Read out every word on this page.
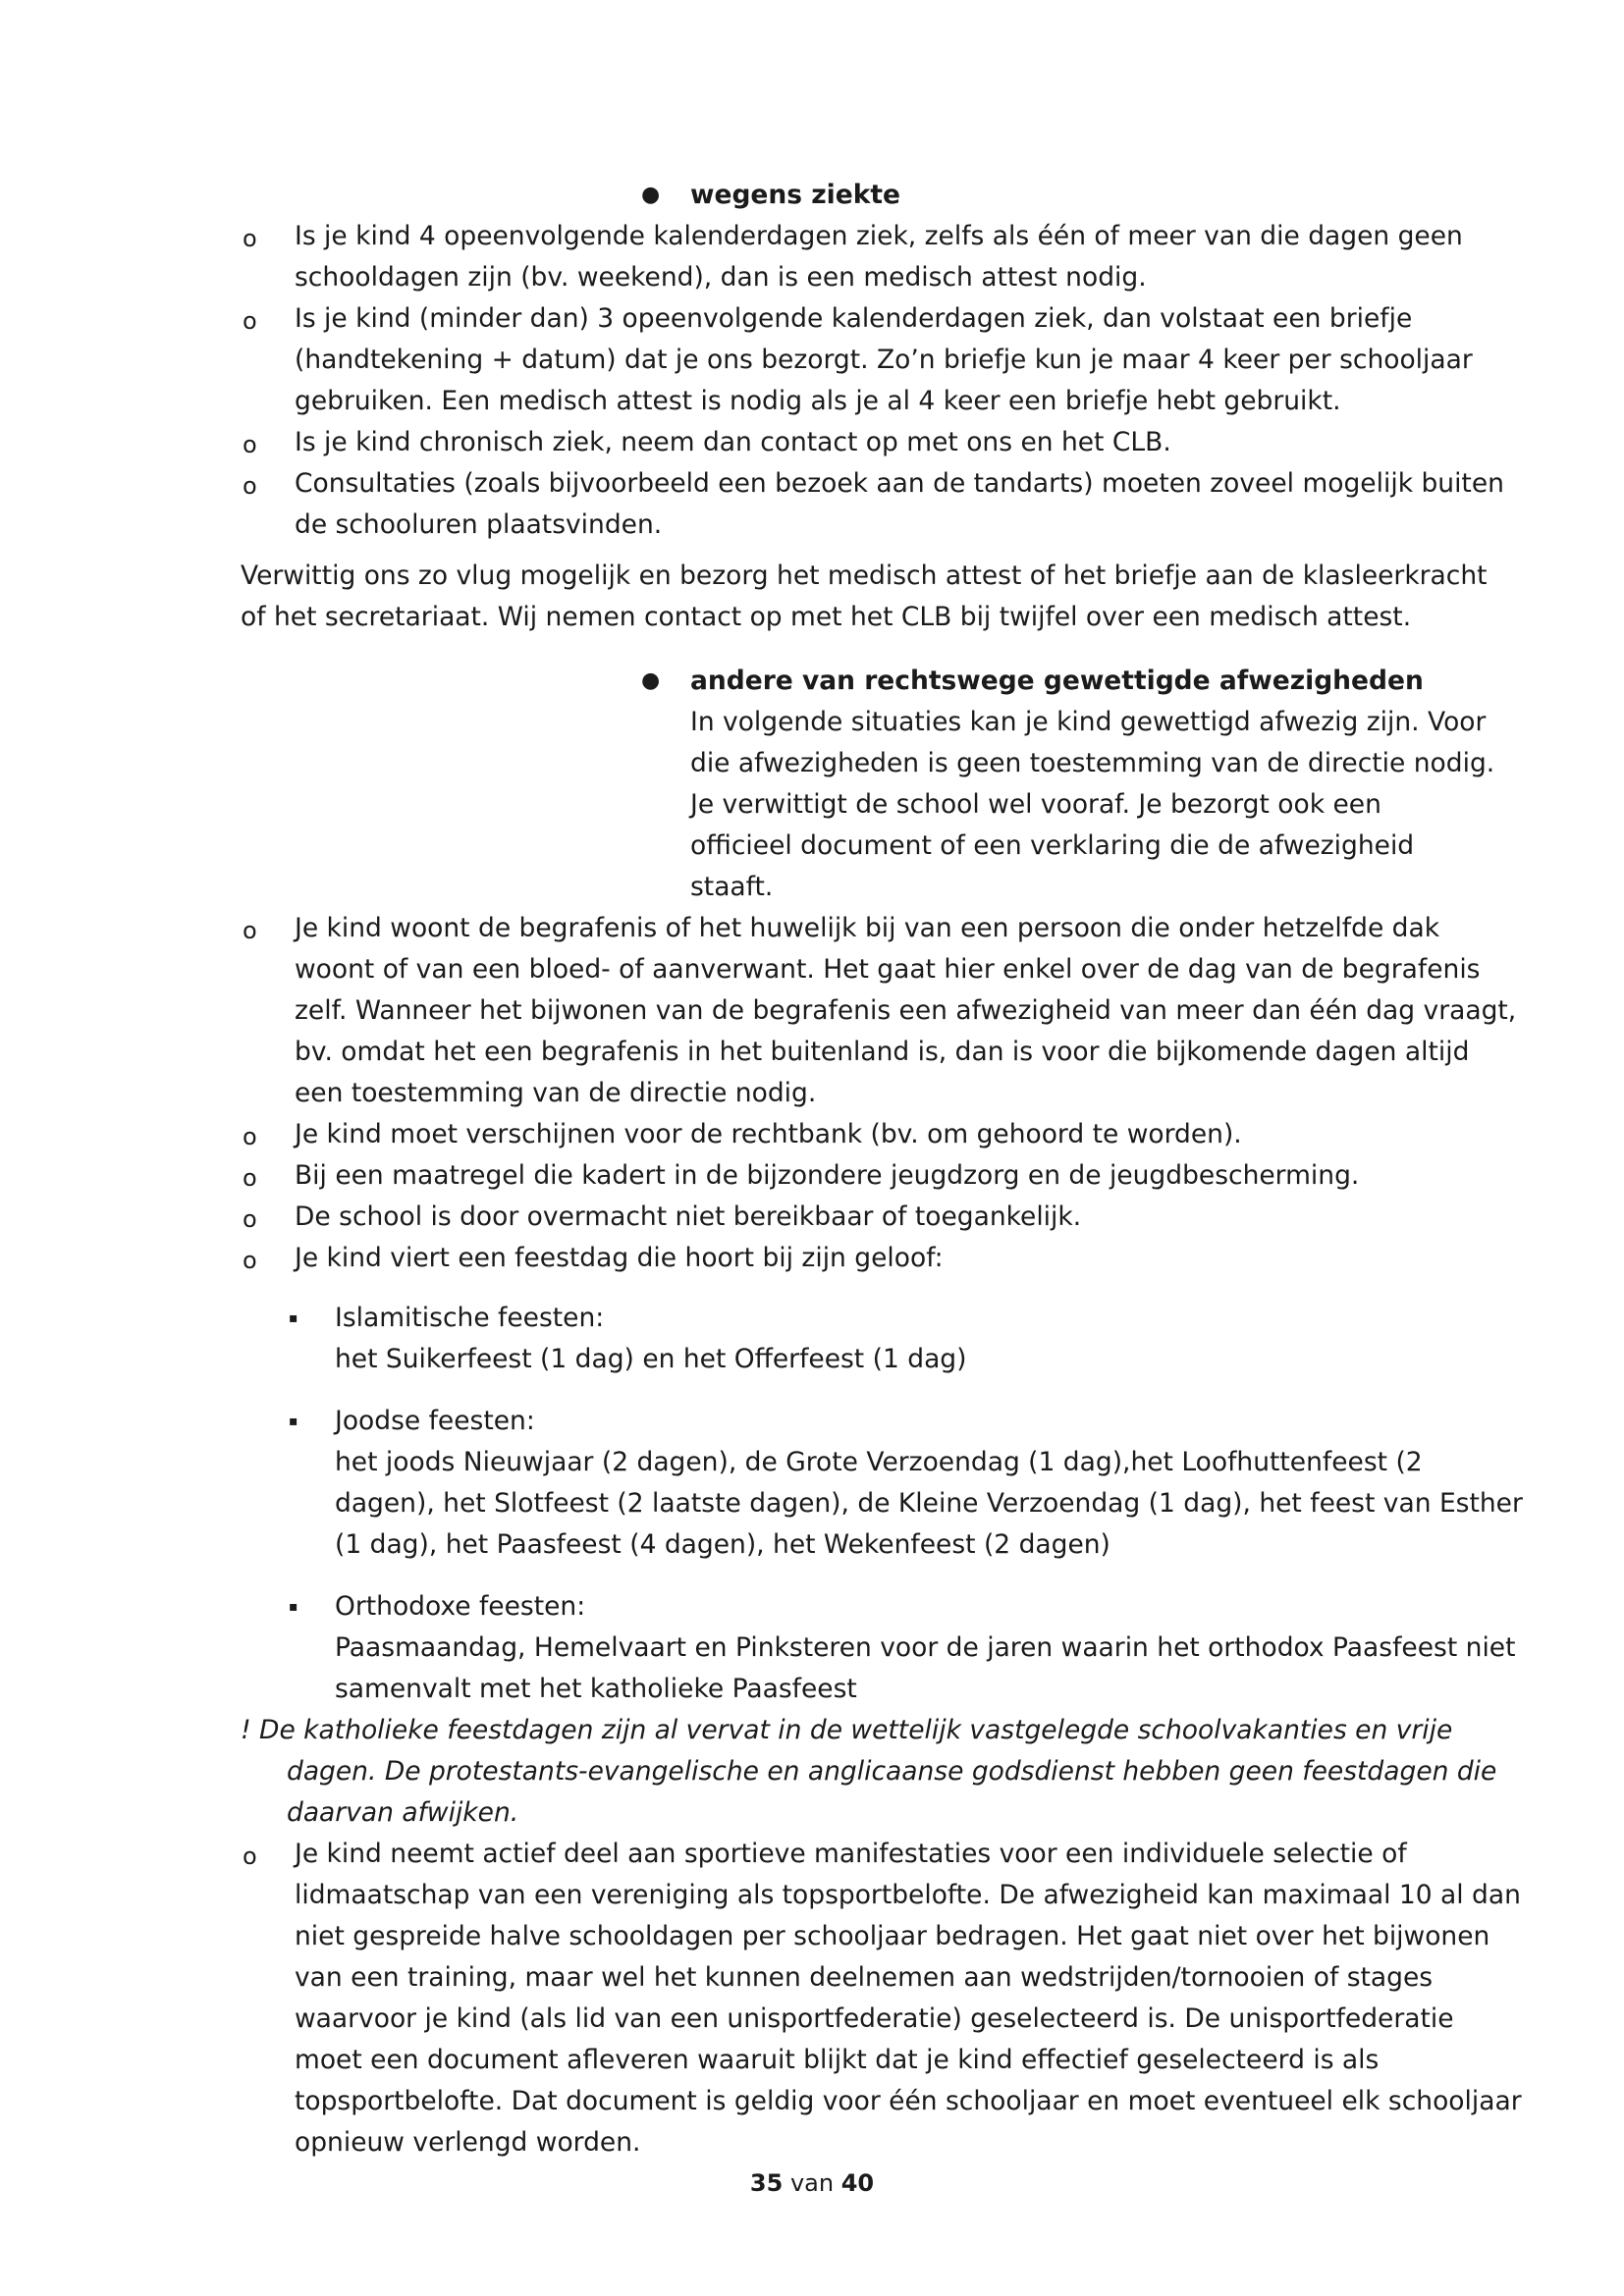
● wegens ziekte
o Is je kind 4 opeenvolgende kalenderdagen ziek, zelfs als één of meer van die dagen geen
schooldagen zijn (bv. weekend), dan is een medisch attest nodig.
o Is je kind (minder dan) 3 opeenvolgende kalenderdagen ziek, dan volstaat een briefje
(handtekening + datum) dat je ons bezorgt. Zo’n briefje kun je maar 4 keer per schooljaar
gebruiken. Een medisch attest is nodig als je al 4 keer een briefje hebt gebruikt.
o Is je kind chronisch ziek, neem dan contact op met ons en het CLB.
o Consultaties (zoals bijvoorbeeld een bezoek aan de tandarts) moeten zoveel mogelijk buiten
de schooluren plaatsvinden.
Verwittig ons zo vlug mogelijk en bezorg het medisch attest of het briefje aan de klasleerkracht
of het secretariaat. Wij nemen contact op met het CLB bij twijfel over een medisch attest.
● andere van rechtswege gewettigde afwezigheden
In volgende situaties kan je kind gewettigd afwezig zijn. Voor
die afwezigheden is geen toestemming van de directie nodig.
Je verwittigt de school wel vooraf. Je bezorgt ook een
officieel document of een verklaring die de afwezigheid
staaft.
o Je kind woont de begrafenis of het huwelijk bij van een persoon die onder hetzelfde dak
woont of van een bloed- of aanverwant. Het gaat hier enkel over de dag van de begrafenis
zelf. Wanneer het bijwonen van de begrafenis een afwezigheid van meer dan één dag vraagt,
bv. omdat het een begrafenis in het buitenland is, dan is voor die bijkomende dagen altijd
een toestemming van de directie nodig.
o Je kind moet verschijnen voor de rechtbank (bv. om gehoord te worden).
o Bij een maatregel die kadert in de bijzondere jeugdzorg en de jeugdbescherming.
o De school is door overmacht niet bereikbaar of toegankelijk.
o Je kind viert een feestdag die hoort bij zijn geloof:
▪ Islamitische feesten:
het Suikerfeest (1 dag) en het Offerfeest (1 dag)
▪ Joodse feesten:
het joods Nieuwjaar (2 dagen), de Grote Verzoendag (1 dag),het Loofhuttenfeest (2
dagen), het Slotfeest (2 laatste dagen), de Kleine Verzoendag (1 dag), het feest van Esther
(1 dag), het Paasfeest (4 dagen), het Wekenfeest (2 dagen)
▪ Orthodoxe feesten:
Paasmaandag, Hemelvaart en Pinksteren voor de jaren waarin het orthodox Paasfeest niet
samenvalt met het katholieke Paasfeest
! De katholieke feestdagen zijn al vervat in de wettelijk vastgelegde schoolvakanties en vrije
dagen. De protestants-evangelische en anglicaanse godsdienst hebben geen feestdagen die
daarvan afwijken.
o Je kind neemt actief deel aan sportieve manifestaties voor een individuele selectie of
lidmaatschap van een vereniging als topsportbelofte. De afwezigheid kan maximaal 10 al dan
niet gespreide halve schooldagen per schooljaar bedragen. Het gaat niet over het bijwonen
van een training, maar wel het kunnen deelnemen aan wedstrijden/tornooien of stages
waarvoor je kind (als lid van een unisportfederatie) geselecteerd is. De unisportfederatie
moet een document afleveren waaruit blijkt dat je kind effectief geselecteerd is als
topsportbelofte. Dat document is geldig voor één schooljaar en moet eventueel elk schooljaar
opnieuw verlengd worden.
35 van 40
